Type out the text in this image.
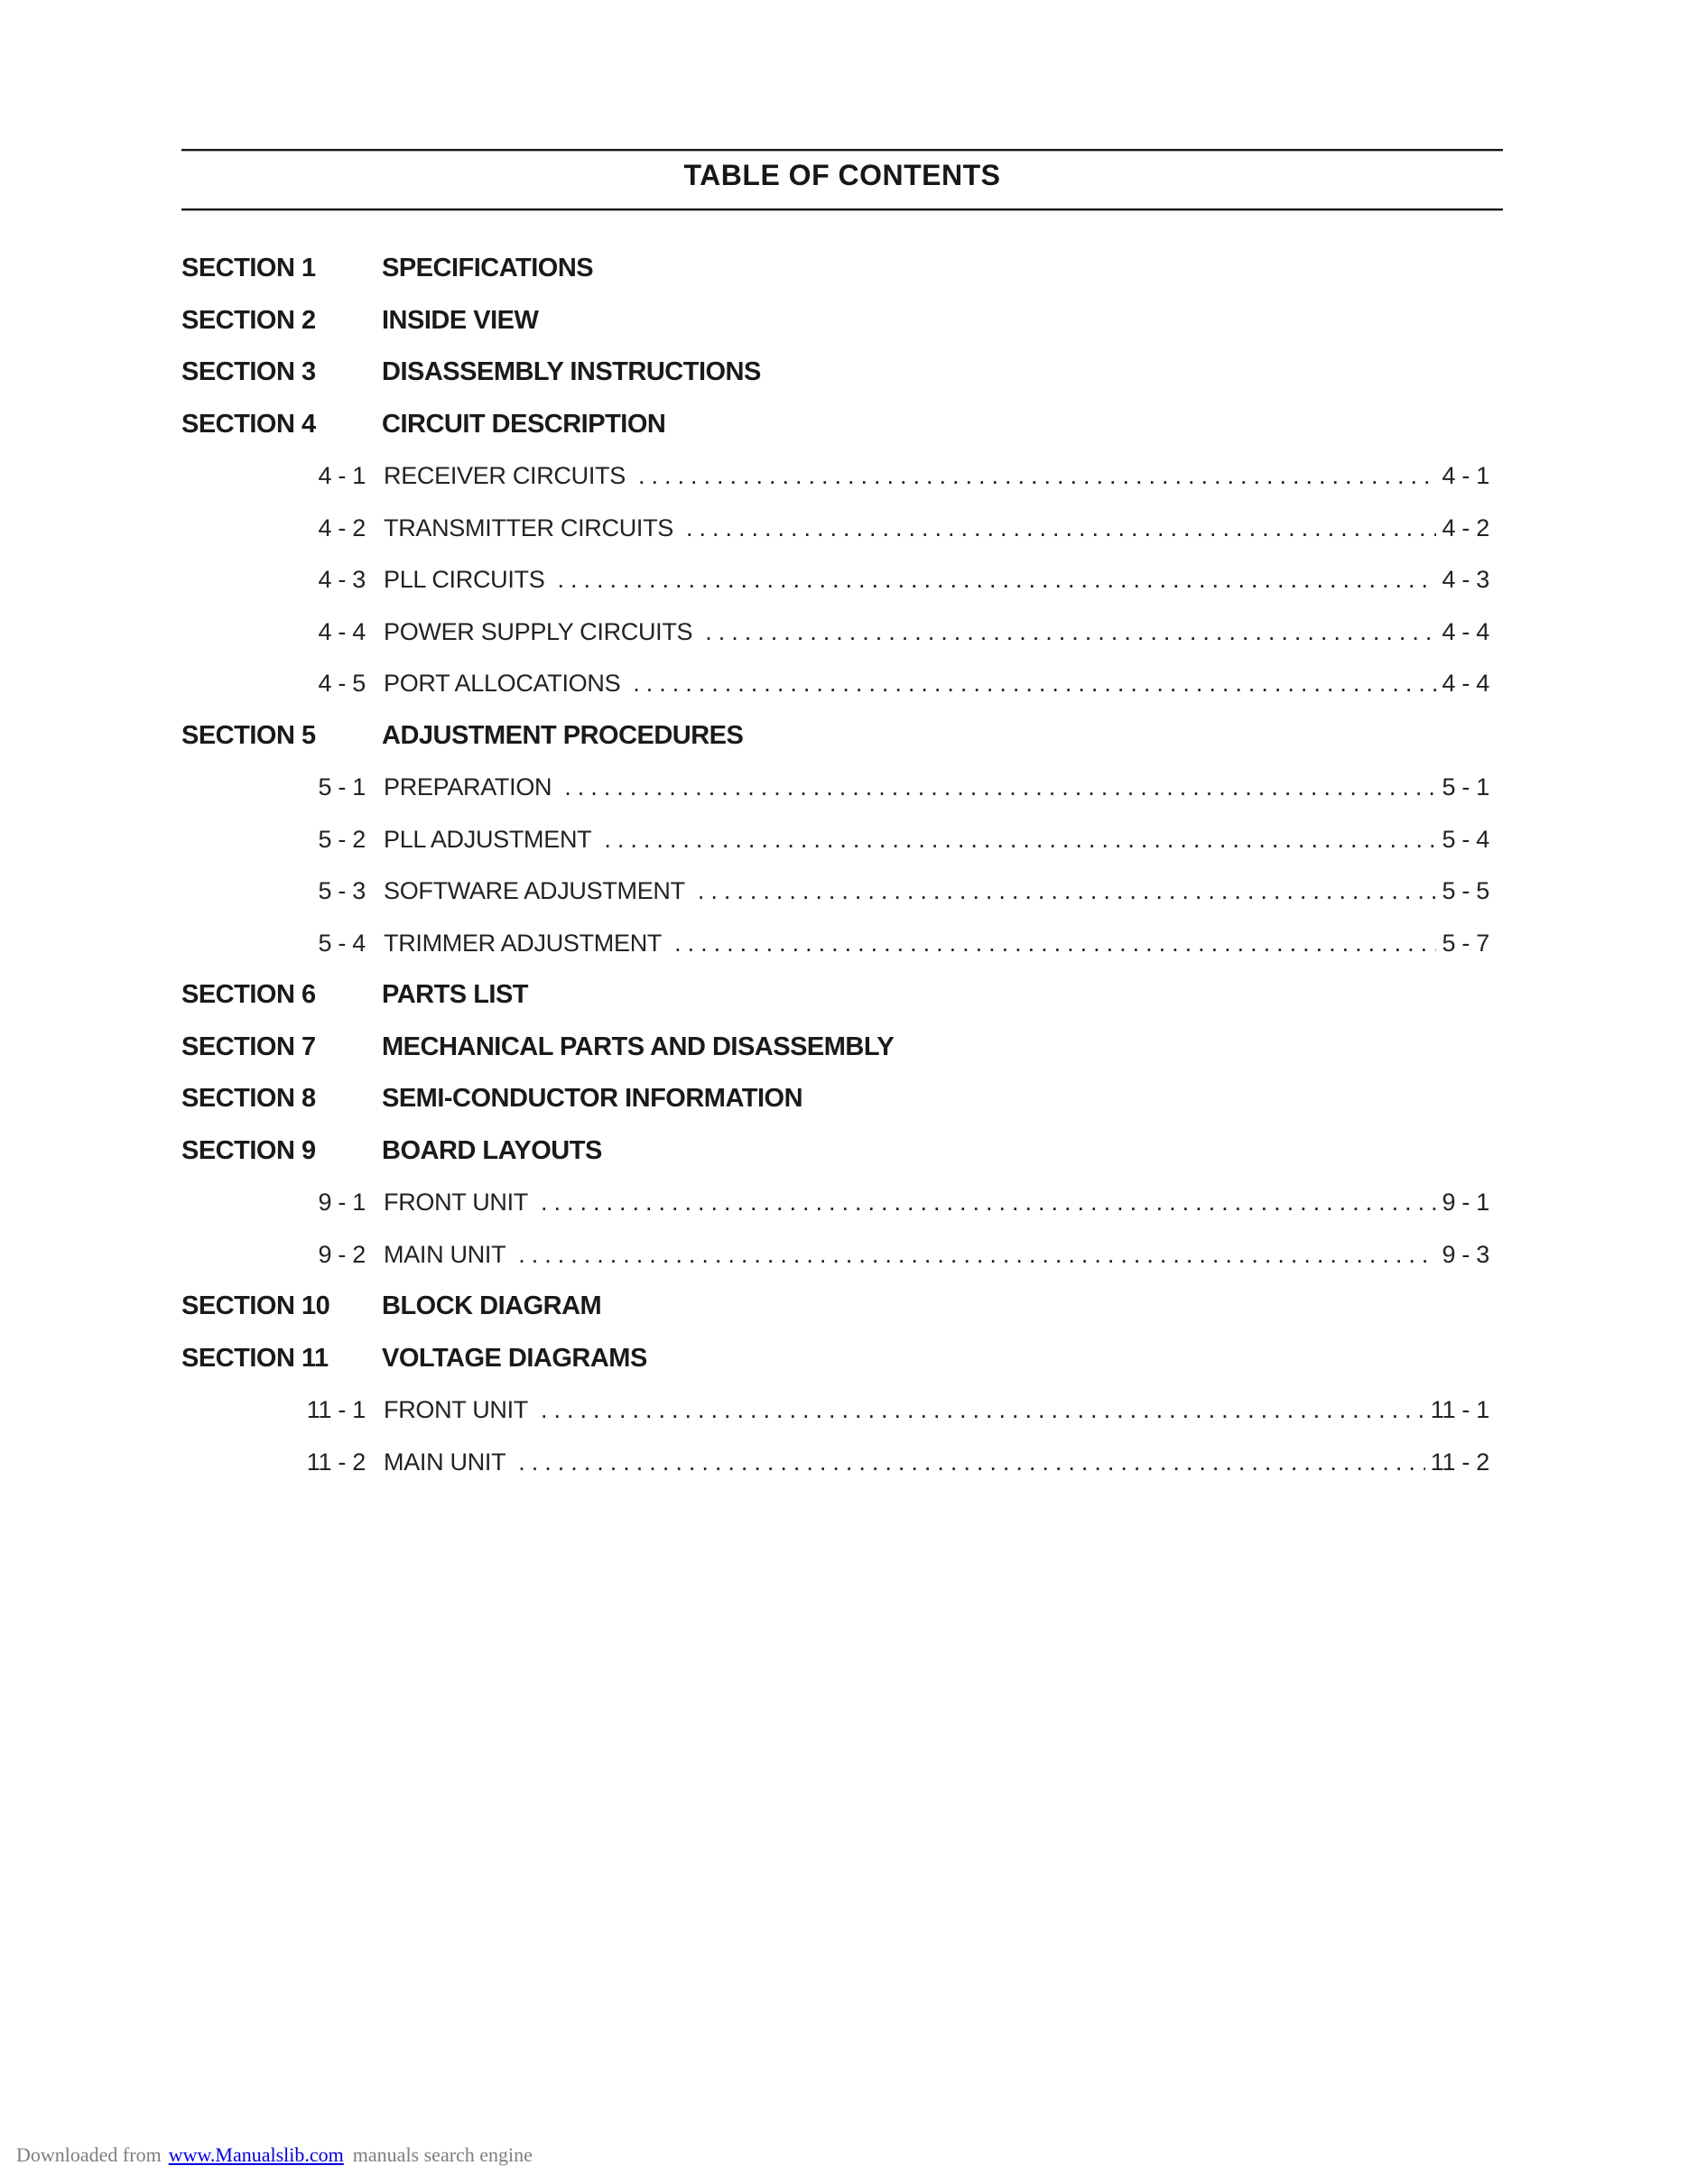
TABLE OF CONTENTS
SECTION 1	SPECIFICATIONS
SECTION 2	INSIDE VIEW
SECTION 3	DISASSEMBLY INSTRUCTIONS
SECTION 4	CIRCUIT DESCRIPTION
4 - 1 RECEIVER CIRCUITS .....	4 - 1
4 - 2 TRANSMITTER CIRCUITS .....	4 - 2
4 - 3 PLL CIRCUITS .....	4 - 3
4 - 4 POWER SUPPLY CIRCUITS .....	4 - 4
4 - 5 PORT ALLOCATIONS .....	4 - 4
SECTION 5	ADJUSTMENT PROCEDURES
5 - 1 PREPARATION .....	5 - 1
5 - 2 PLL ADJUSTMENT .....	5 - 4
5 - 3 SOFTWARE ADJUSTMENT .....	5 - 5
5 - 4 TRIMMER ADJUSTMENT .....	5 - 7
SECTION 6	PARTS LIST
SECTION 7	MECHANICAL PARTS AND DISASSEMBLY
SECTION 8	SEMI-CONDUCTOR INFORMATION
SECTION 9	BOARD LAYOUTS
9 - 1 FRONT UNIT .....	9 - 1
9 - 2 MAIN UNIT .....	9 - 3
SECTION 10	BLOCK DIAGRAM
SECTION 11	VOLTAGE DIAGRAMS
11 - 1 FRONT UNIT .....	11 - 1
11 - 2 MAIN UNIT .....	11 - 2
Downloaded from www.Manualslib.com manuals search engine
